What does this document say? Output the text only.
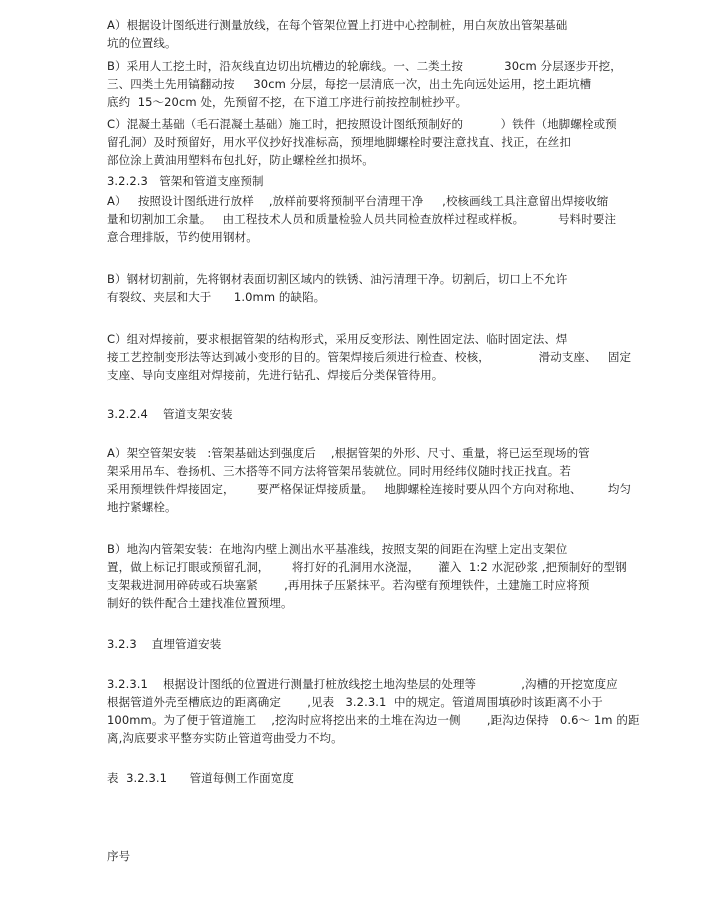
A）根据设计图纸进行测量放线，在每个管架位置上打进中心控制桩，用白灰放出管架基础
坑的位置线。
B）采用人工挖土时，沿灰线直边切出坑槽边的轮廓线。一、二类土按           30cm 分层逐步开挖，
三、四类土先用镐翻动按     30cm 分层，每挖一层清底一次，出土先向远处运用，挖土距坑槽
底约  15～20cm 处，先预留不挖，在下道工序进行前按控制桩抄平。
C）混凝土基础（毛石混凝土基础）施工时，把按照设计图纸预制好的          ）铁件（地脚螺栓或预
留孔洞）及时预留好，用水平仪抄好找准标高，预埋地脚螺栓时要注意找直、找正，在丝扣
部位涂上黄油用塑料布包扎好，防止螺栓丝扣损坏。
3.2.2.3   管架和管道支座预制
A）   按照设计图纸进行放样    ,放样前要将预制平台清理干净     ,校核画线工具注意留出焊接收缩
量和切割加工余量。   由工程技术人员和质量检验人员共同检查放样过程或样板。         号料时要注
意合理排版，节约使用钢材。
B）钢材切割前，先将钢材表面切割区域内的铁锈、油污清理干净。切割后，切口上不允许
有裂纹、夹层和大于      1.0mm 的缺陷。
C）组对焊接前，要求根据管架的结构形式，采用反变形法、刚性固定法、临时固定法、焊
接工艺控制变形法等达到减小变形的目的。管架焊接后须进行检查、校核，             滑动支座、   固定
支座、导向支座组对焊接前，先进行钻孔、焊接后分类保管待用。
3.2.2.4    管道支架安装
A）架空管架安装   :管架基础达到强度后    ,根据管架的外形、尺寸、重量，将已运至现场的管
架采用吊车、卷扬机、三木搭等不同方法将管架吊装就位。同时用经纬仪随时找正找直。若
采用预埋铁件焊接固定，      要严格保证焊接质量。   地脚螺栓连接时要从四个方向对称地、       均匀
地拧紧螺栓。
B）地沟内管架安装：在地沟内壁上测出水平基准线，按照支架的间距在沟壁上定出支架位
置，做上标记打眼或预留孔洞，      将打好的孔洞用水浇湿，     灌入  1:2 水泥砂浆 ,把预制好的型钢
支架栽进洞用碎砖或石块塞紧       ,再用抹子压紧抹平。若沟壁有预埋铁件，土建施工时应将预
制好的铁件配合土建找准位置预埋。
3.2.3    直埋管道安装
3.2.3.1    根据设计图纸的位置进行测量打桩放线挖土地沟垫层的处理等            ,沟槽的开挖宽度应
根据管道外壳至槽底边的距离确定       ,见表   3.2.3.1  中的规定。管道周围填砂时该距离不小于
100mm。为了便于管道施工    ,挖沟时应将挖出来的土堆在沟边一侧       ,距沟边保持   0.6～ 1m 的距
离,沟底要求平整夯实防止管道弯曲受力不均。
表  3.2.3.1      管道每侧工作面宽度
序号
